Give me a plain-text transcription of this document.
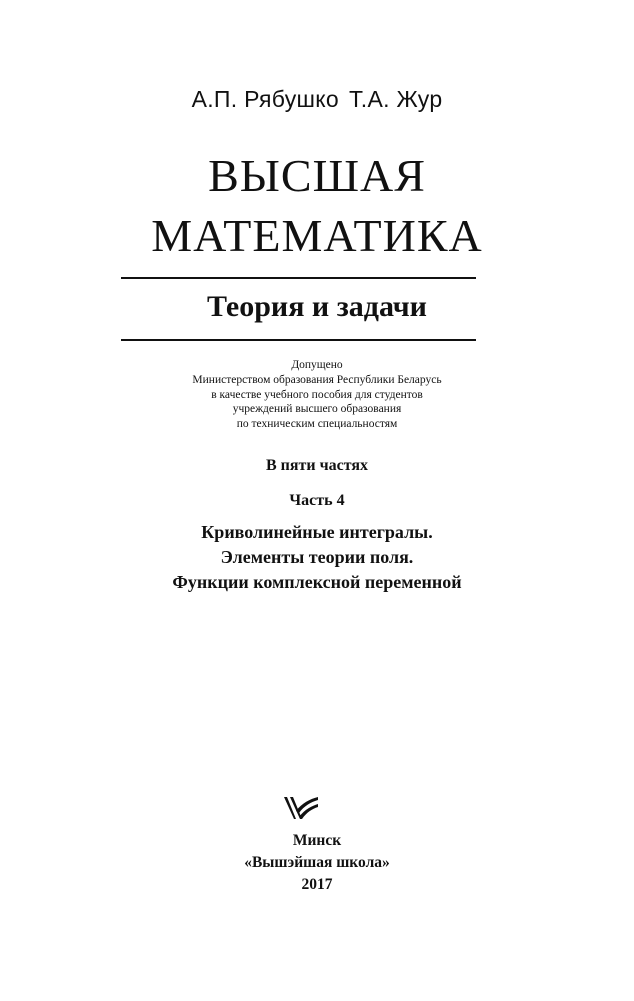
А.П. Рябушко Т.А. Жур
ВЫСШАЯ
МАТЕМАТИКА
Теория и задачи
Допущено
Министерством образования Республики Беларусь
в качестве учебного пособия для студентов
учреждений высшего образования
по техническим специальностям
В пяти частях
Часть 4
Криволинейные интегралы.
Элементы теории поля.
Функции комплексной переменной
Минск
«Вышэйшая школа»
2017
